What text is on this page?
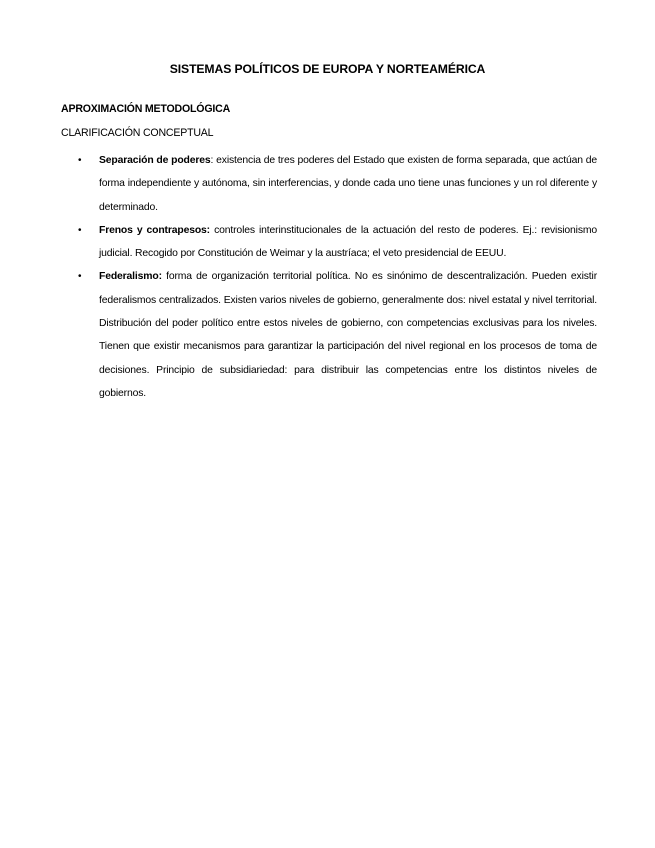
SISTEMAS POLÍTICOS DE EUROPA Y NORTEAMÉRICA
APROXIMACIÓN METODOLÓGICA
CLARIFICACIÓN CONCEPTUAL
• Separación de poderes: existencia de tres poderes del Estado que existen de forma separada, que actúan de forma independiente y autónoma, sin interferencias, y donde cada uno tiene unas funciones y un rol diferente y determinado.
• Frenos y contrapesos: controles interinstitucionales de la actuación del resto de poderes. Ej.: revisionismo judicial. Recogido por Constitución de Weimar y la austríaca; el veto presidencial de EEUU.
• Federalismo: forma de organización territorial política. No es sinónimo de descentralización. Pueden existir federalismos centralizados. Existen varios niveles de gobierno, generalmente dos: nivel estatal y nivel territorial. Distribución del poder político entre estos niveles de gobierno, con competencias exclusivas para los niveles. Tienen que existir mecanismos para garantizar la participación del nivel regional en los procesos de toma de decisiones. Principio de subsidiariedad: para distribuir las competencias entre los distintos niveles de gobiernos.
